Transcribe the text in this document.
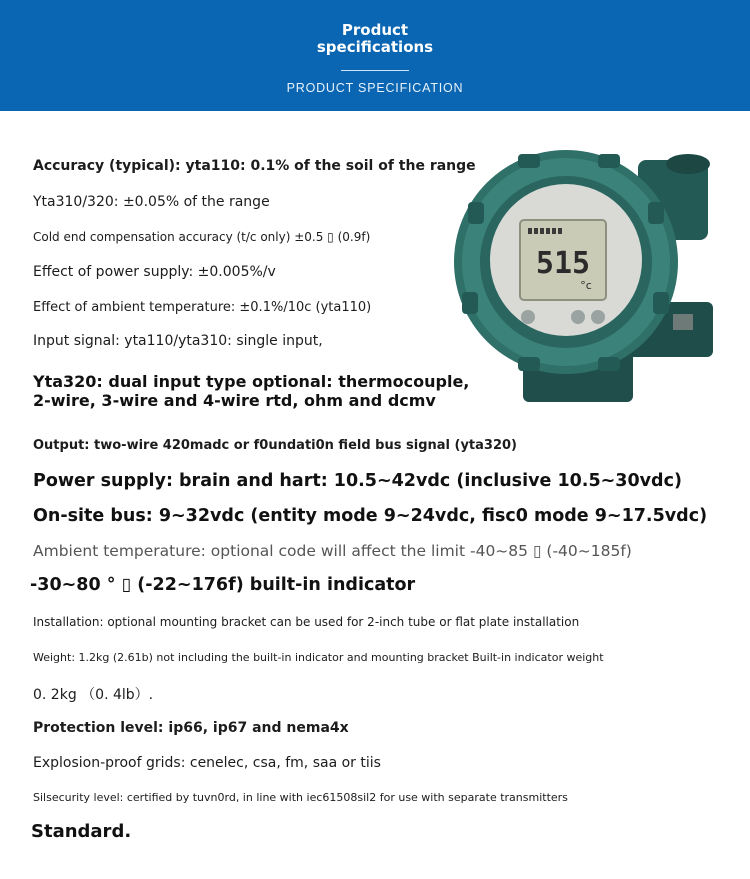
Product
specifications
PRODUCT SPECIFICATION
515
°c
Accuracy (typical): yta110: 0.1% of the soil of the range
Yta310/320: ±0.05% of the range
Cold end compensation accuracy (t/c only) ±0.5 ▯ (0.9f)
Effect of power supply: ±0.005%/v
Effect of ambient temperature: ±0.1%/10c (yta110)
Input signal: yta110/yta310: single input,
Yta320: dual input type optional: thermocouple,
2-wire, 3-wire and 4-wire rtd, ohm and dcmv
Output: two-wire 420madc or f0undati0n field bus signal (yta320)
Power supply: brain and hart: 10.5~42vdc (inclusive 10.5~30vdc)
On-site bus: 9~32vdc (entity mode 9~24vdc, fisc0 mode 9~17.5vdc)
Ambient temperature: optional code will affect the limit -40~85 ▯ (-40~185f)
-30~80 ° ▯ (-22~176f) built-in indicator
Installation: optional mounting bracket can be used for 2-inch tube or flat plate installation
Weight: 1.2kg (2.61b) not including the built-in indicator and mounting bracket Built-in indicator weight
0. 2kg （0. 4lb）.
Protection level: ip66, ip67 and nema4x
Explosion-proof grids: cenelec, csa, fm, saa or tiis
Silsecurity level: certified by tuvn0rd, in line with iec61508sil2 for use with separate transmitters
Standard.
